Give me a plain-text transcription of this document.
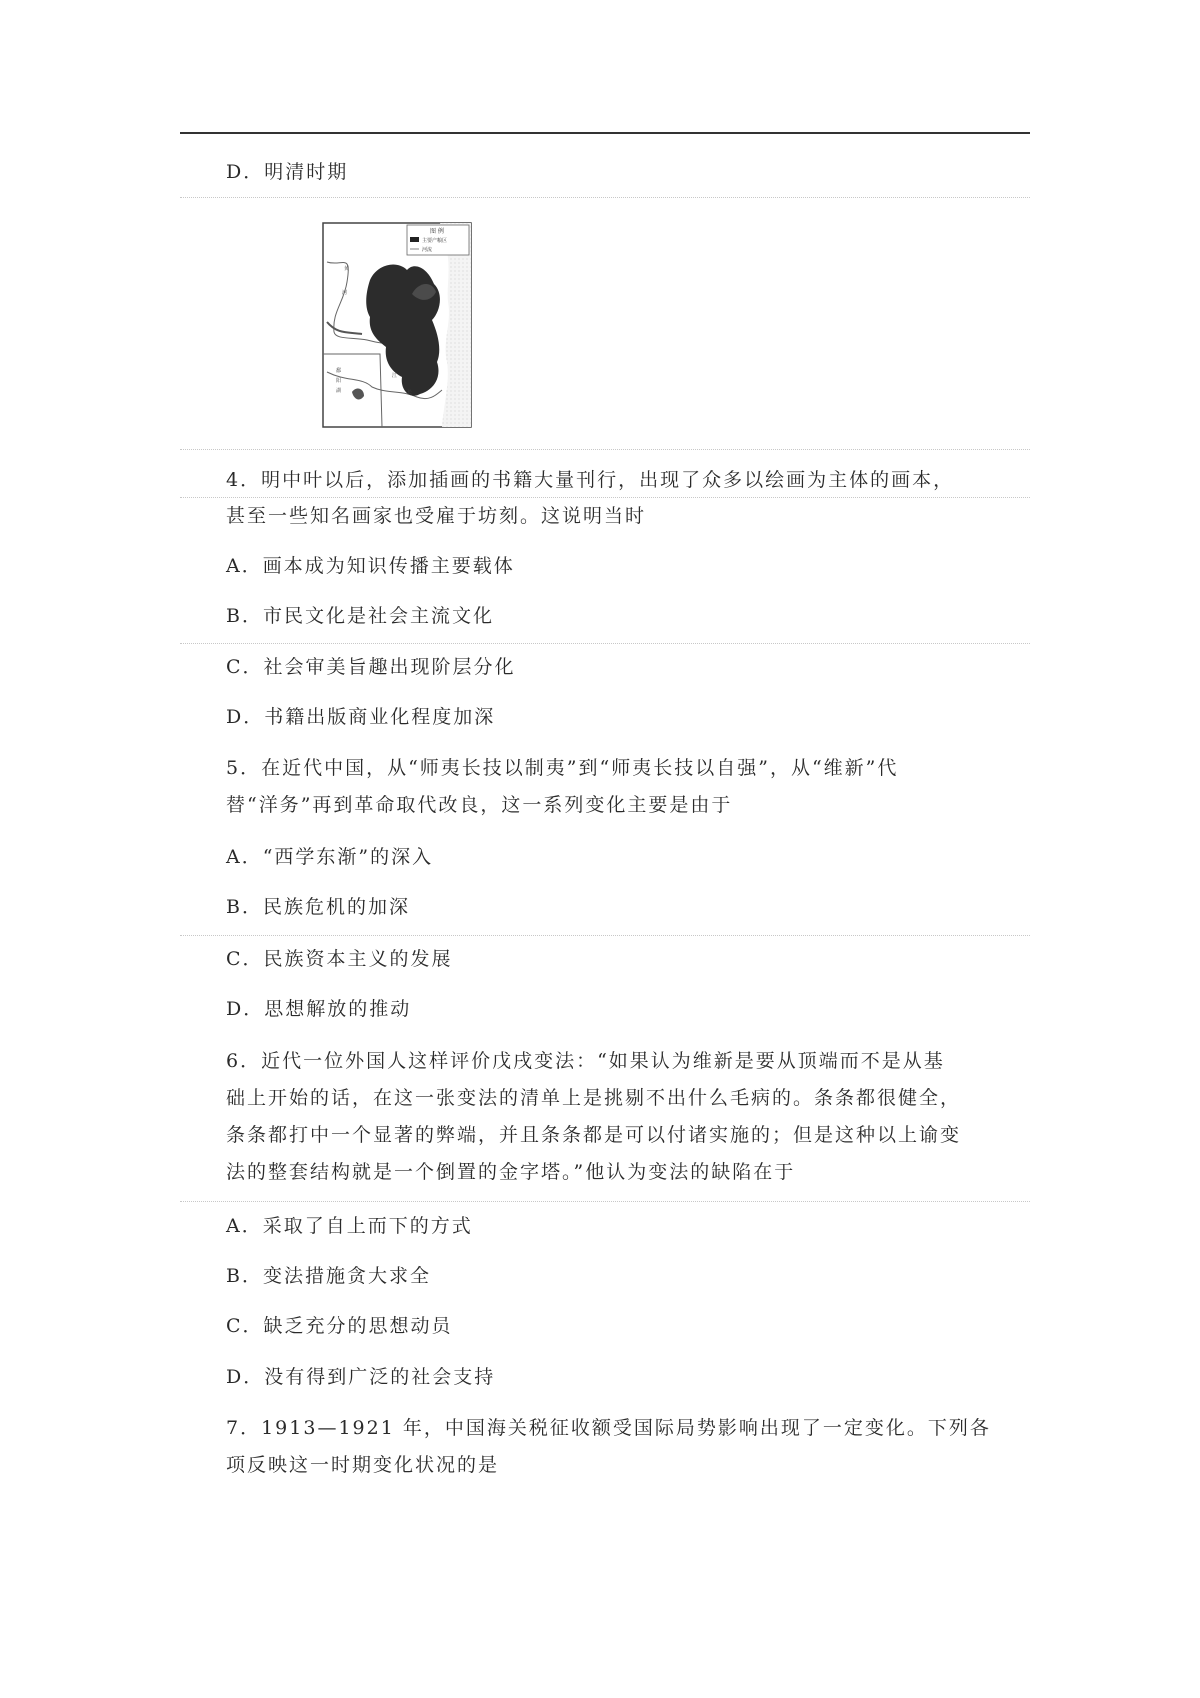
D．明清时期
图 例
主要产粮区
河流
黄
河
江
长
鄱
阳
湖
4．明中叶以后，添加插画的书籍大量刊行，出现了众多以绘画为主体的画本，
甚至一些知名画家也受雇于坊刻。这说明当时
A．画本成为知识传播主要载体
B．市民文化是社会主流文化
C．社会审美旨趣出现阶层分化
D．书籍出版商业化程度加深
5．在近代中国，从“师夷长技以制夷”到“师夷长技以自强”，从“维新”代
替“洋务”再到革命取代改良，这一系列变化主要是由于
A．“西学东渐”的深入
B．民族危机的加深
C．民族资本主义的发展
D．思想解放的推动
6．近代一位外国人这样评价戊戌变法：“如果认为维新是要从顶端而不是从基
础上开始的话，在这一张变法的清单上是挑剔不出什么毛病的。条条都很健全，
条条都打中一个显著的弊端，并且条条都是可以付诸实施的；但是这种以上谕变
法的整套结构就是一个倒置的金字塔。”他认为变法的缺陷在于
A．采取了自上而下的方式
B．变法措施贪大求全
C．缺乏充分的思想动员
D．没有得到广泛的社会支持
7．1913—1921 年，中国海关税征收额受国际局势影响出现了一定变化。下列各
项反映这一时期变化状况的是
